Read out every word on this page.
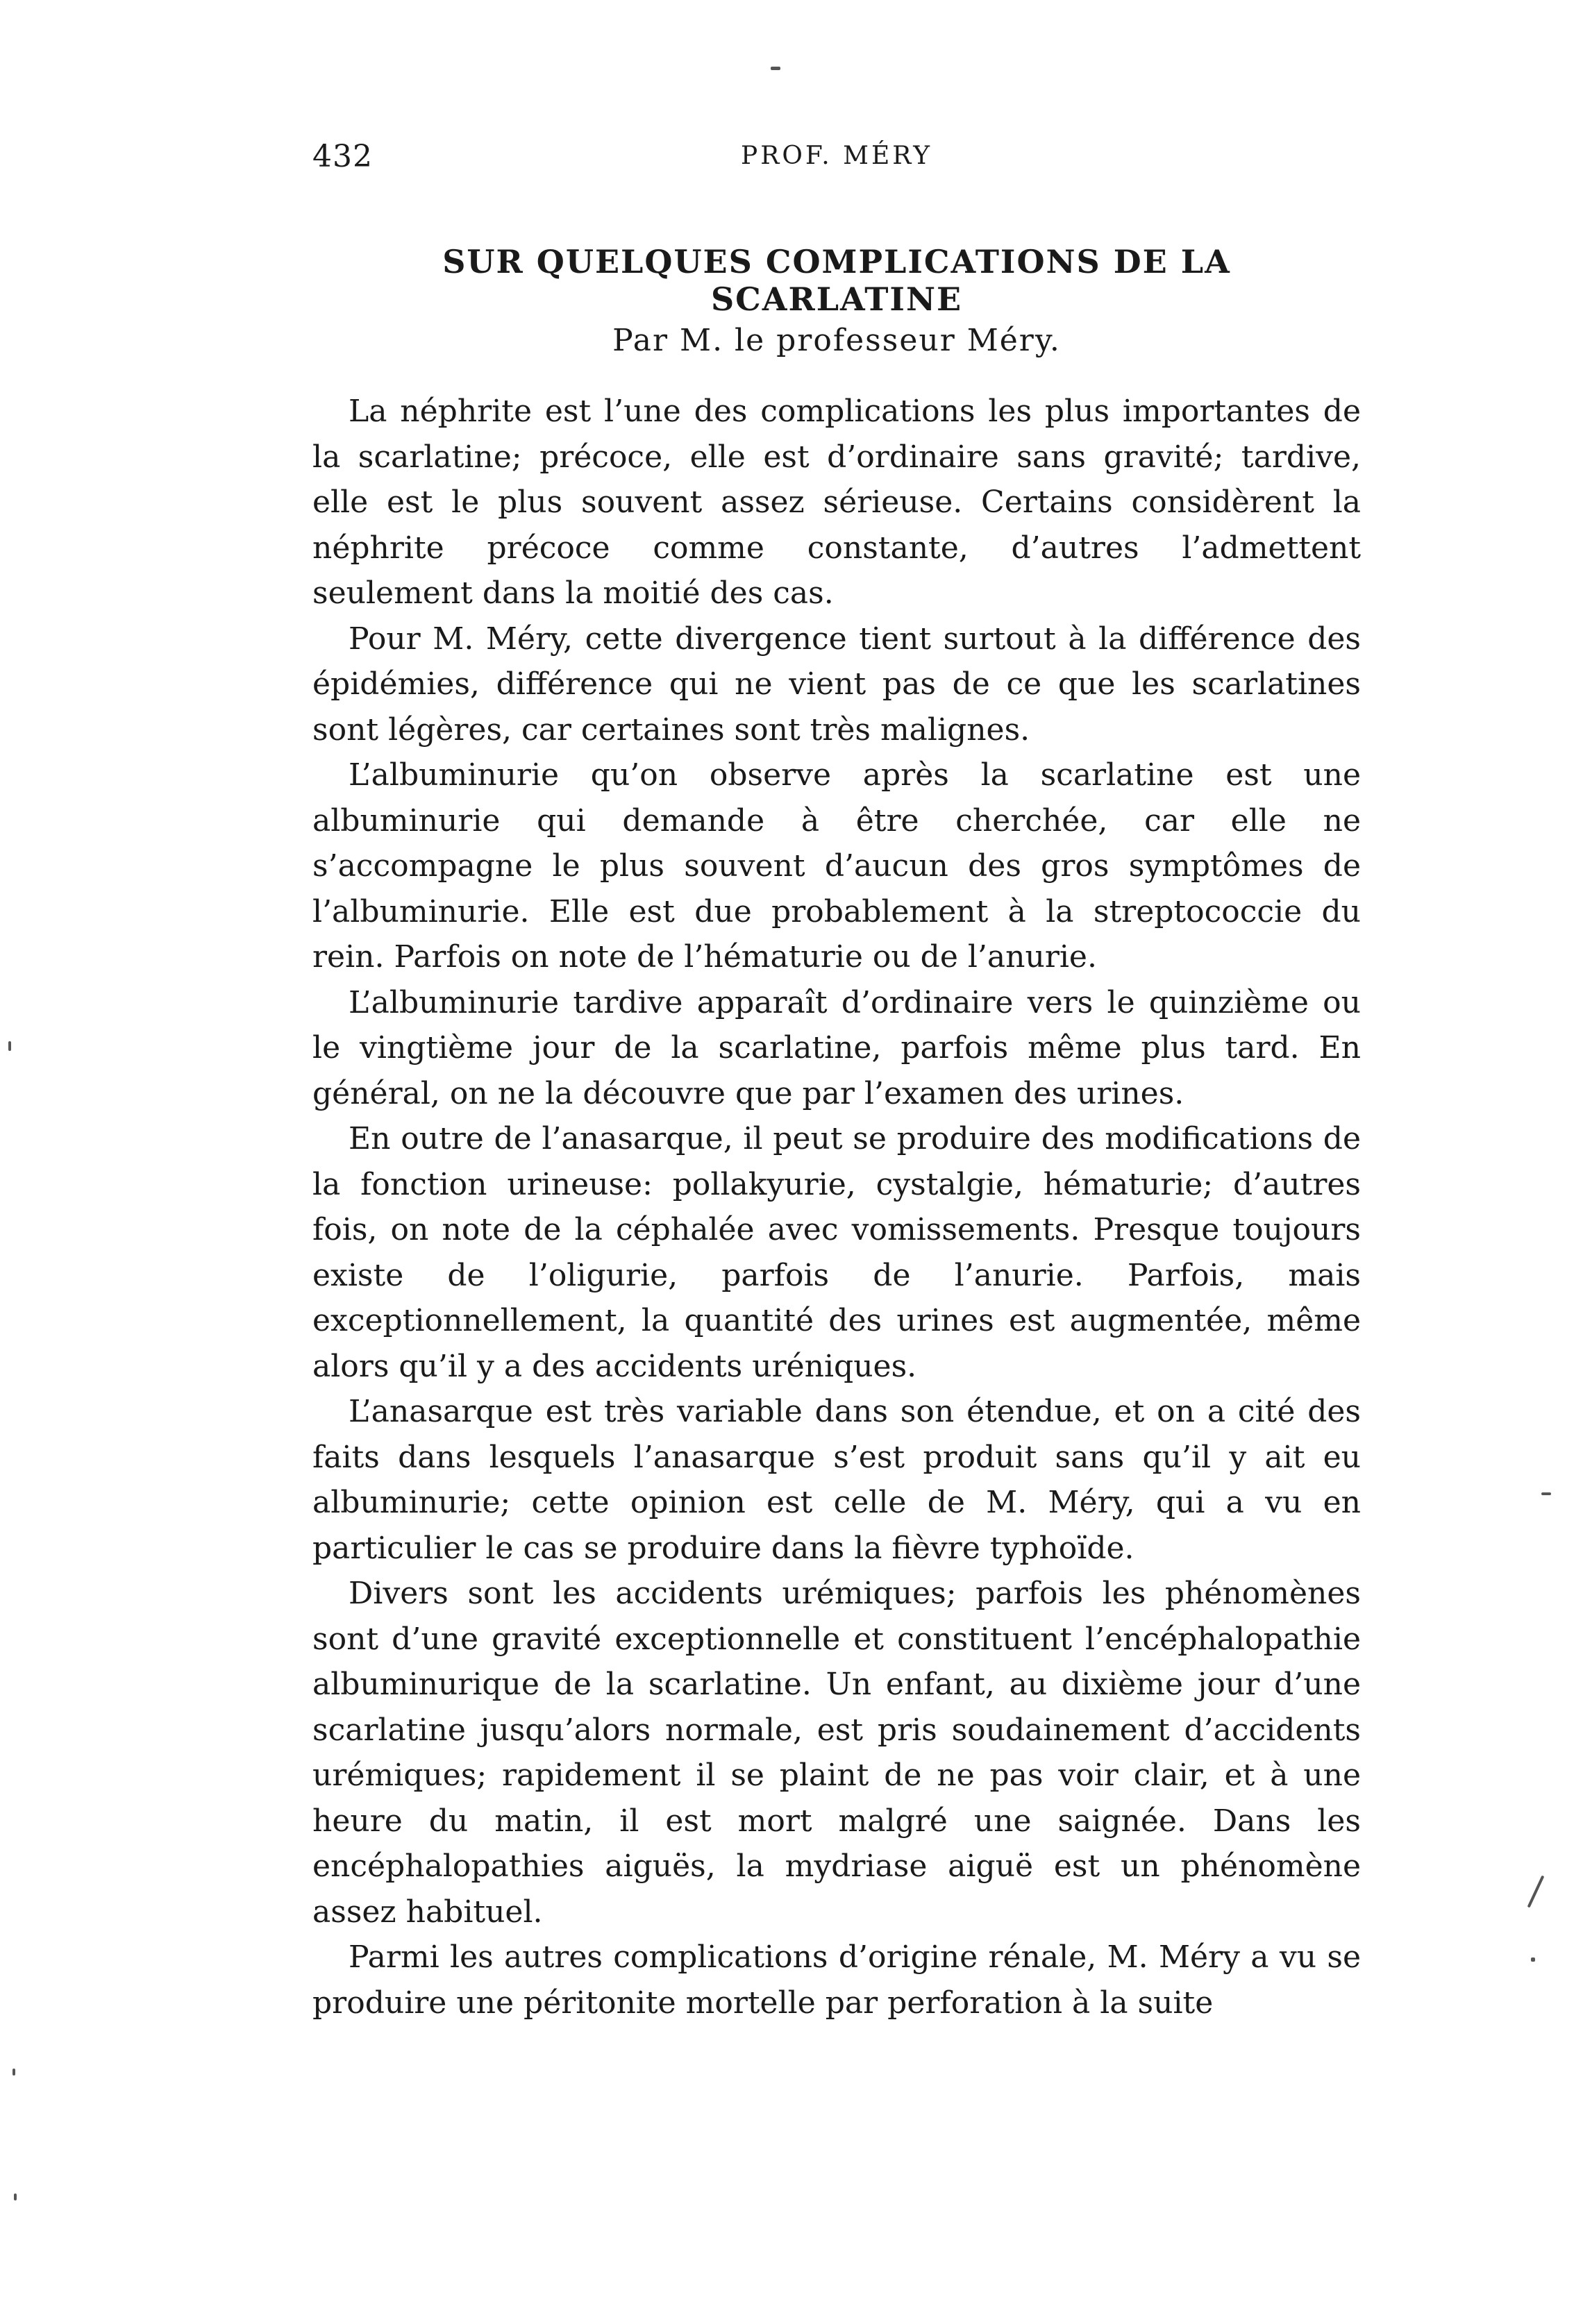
432	PROF. MÉRY
SUR QUELQUES COMPLICATIONS DE LA SCARLATINE
Par M. le professeur Méry.

La néphrite est l’une des complications les plus importantes de la scarlatine; précoce, elle est d’ordinaire sans gravité; tardive, elle est le plus souvent assez sérieuse. Certains considèrent la néphrite précoce comme constante, d’autres l’admettent seulement dans la moitié des cas.

Pour M. Méry, cette divergence tient surtout à la différence des épidémies, différence qui ne vient pas de ce que les scarlatines sont légères, car certaines sont très malignes.

L’albuminurie qu’on observe après la scarlatine est une albuminurie qui demande à être cherchée, car elle ne s’accompagne le plus souvent d’aucun des gros symptômes de l’albuminurie. Elle est due probablement à la streptococcie du rein. Parfois on note de l’hématurie ou de l’anurie.

L’albuminurie tardive apparaît d’ordinaire vers le quinzième ou le vingtième jour de la scarlatine, parfois même plus tard. En général, on ne la découvre que par l’examen des urines.

En outre de l’anasarque, il peut se produire des modifications de la fonction urineuse: pollakyurie, cystalgie, hématurie; d’autres fois, on note de la céphalée avec vomissements. Presque toujours existe de l’oligurie, parfois de l’anurie. Parfois, mais exceptionnellement, la quantité des urines est augmentée, même alors qu’il y a des accidents uréniques.

L’anasarque est très variable dans son étendue, et on a cité des faits dans lesquels l’anasarque s’est produit sans qu’il y ait eu albuminurie; cette opinion est celle de M. Méry, qui a vu en particulier le cas se produire dans la fièvre typhoïde.

Divers sont les accidents urémiques; parfois les phénomènes sont d’une gravité exceptionnelle et constituent l’encéphalopathie albuminurique de la scarlatine. Un enfant, au dixième jour d’une scarlatine jusqu’alors normale, est pris soudainement d’accidents urémiques; rapidement il se plaint de ne pas voir clair, et à une heure du matin, il est mort malgré une saignée. Dans les encéphalopathies aiguës, la mydriase aiguë est un phénomène assez habituel.

Parmi les autres complications d’origine rénale, M. Méry a vu se produire une péritonite mortelle par perforation à la suite
